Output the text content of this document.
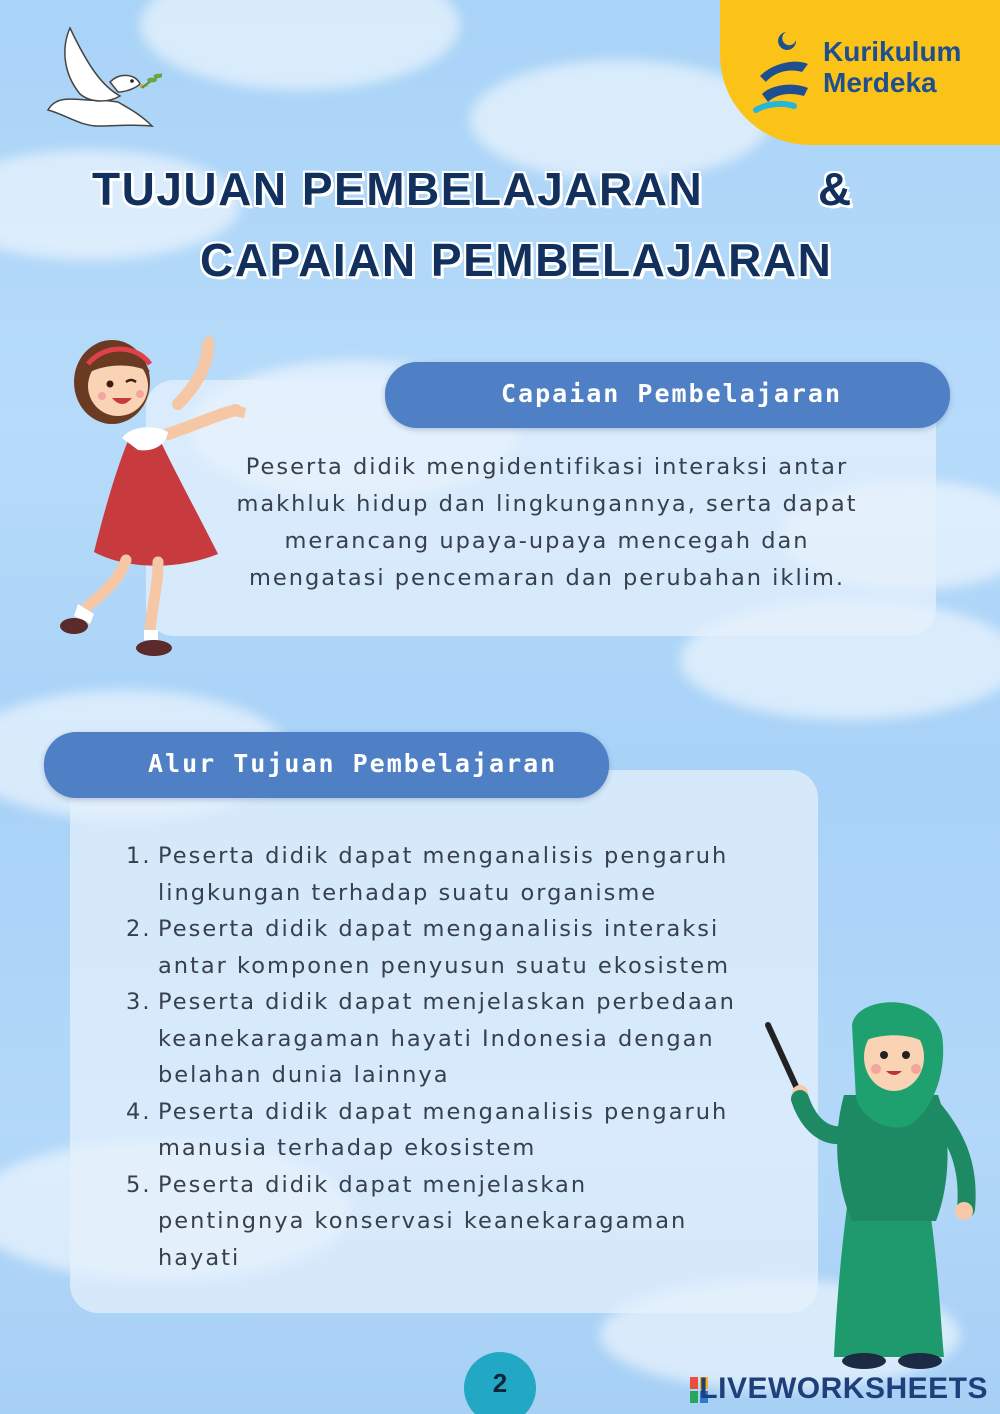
Kurikulum
Merdeka
TUJUAN PEMBELAJARAN &
CAPAIAN PEMBELAJARAN
Capaian Pembelajaran
Peserta didik mengidentifikasi interaksi antar
makhluk hidup dan lingkungannya, serta dapat
merancang upaya-upaya mencegah dan
mengatasi pencemaran dan perubahan iklim.
Alur Tujuan Pembelajaran
1. Peserta didik dapat menganalisis pengaruh
lingkungan terhadap suatu organisme
2. Peserta didik dapat menganalisis interaksi
antar komponen penyusun suatu ekosistem
3. Peserta didik dapat menjelaskan perbedaan
keanekaragaman hayati Indonesia dengan
belahan dunia lainnya
4. Peserta didik dapat menganalisis pengaruh
manusia terhadap ekosistem
5. Peserta didik dapat menjelaskan
pentingnya konservasi keanekaragaman
hayati
2	LIVEWORKSHEETS
